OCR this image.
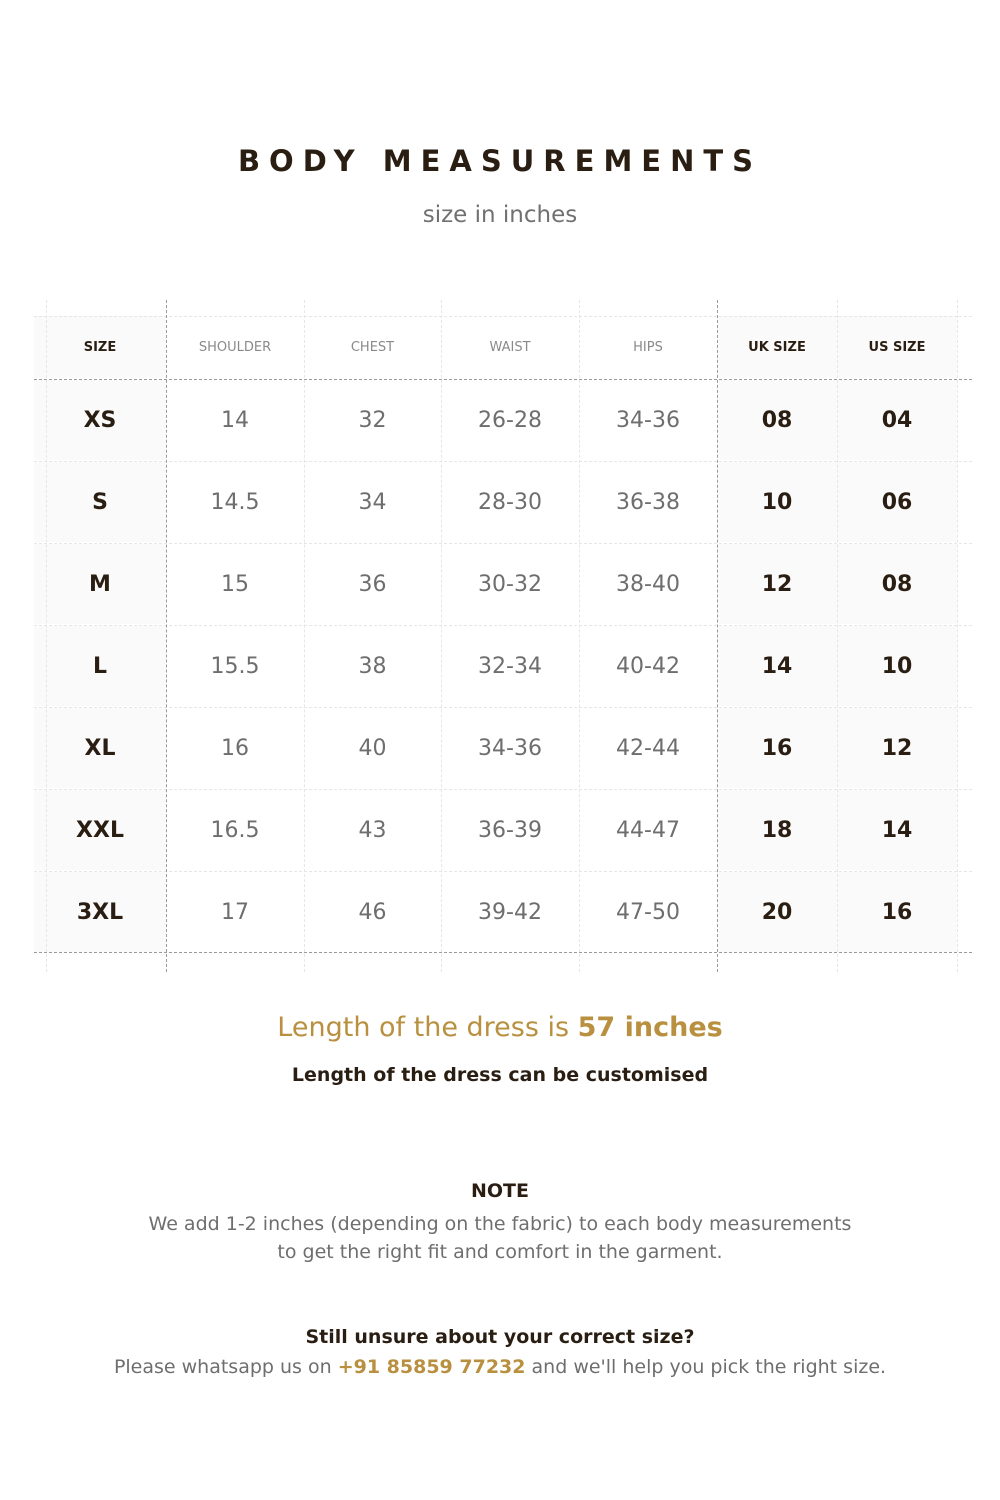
BODY MEASUREMENTS
size in inches
SIZE	SHOULDER	CHEST	WAIST	HIPS	UK SIZE	US SIZE
XS	14	32	26-28	34-36	08	04
S	14.5	34	28-30	36-38	10	06
M	15	36	30-32	38-40	12	08
L	15.5	38	32-34	40-42	14	10
XL	16	40	34-36	42-44	16	12
XXL	16.5	43	36-39	44-47	18	14
3XL	17	46	39-42	47-50	20	16
Length of the dress is 57 inches
Length of the dress can be customised
NOTE
We add 1-2 inches (depending on the fabric) to each body measurements
to get the right fit and comfort in the garment.
Still unsure about your correct size?
Please whatsapp us on +91 85859 77232 and we'll help you pick the right size.
